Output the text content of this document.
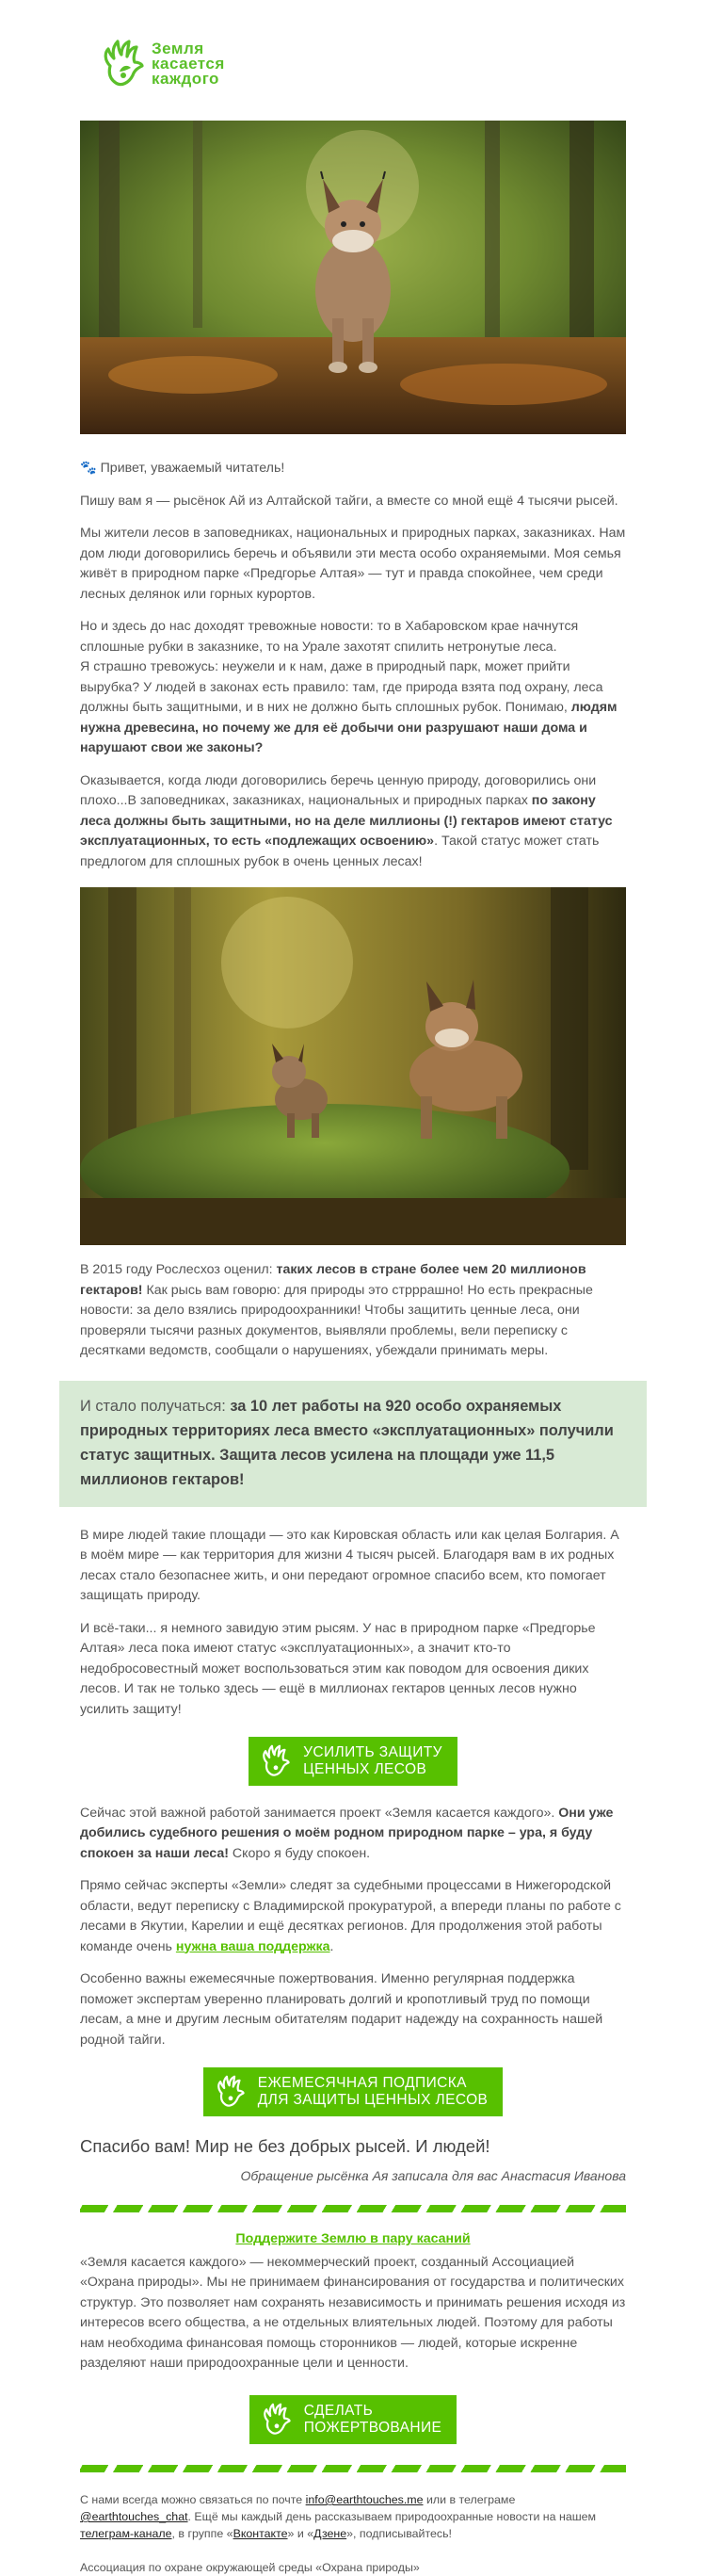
Земля
касается
каждого

🐾 Привет, уважаемый читатель!

Пишу вам я — рысёнок Ай из Алтайской тайги, а вместе со мной ещё 4 тысячи рысей.

Мы жители лесов в заповедниках, национальных и природных парках, заказниках. Нам дом люди договорились беречь и объявили эти места особо охраняемыми. Моя семья живёт в природном парке «Предгорье Алтая» — тут и правда спокойнее, чем среди лесных делянок или горных курортов.

Но и здесь до нас доходят тревожные новости: то в Хабаровском крае начнутся сплошные рубки в заказнике, то на Урале захотят спилить нетронутые леса.
Я страшно тревожусь: неужели и к нам, даже в природный парк, может прийти вырубка? У людей в законах есть правило: там, где природа взята под охрану, леса должны быть защитными, и в них не должно быть сплошных рубок. Понимаю, людям нужна древесина, но почему же для её добычи они разрушают наши дома и нарушают свои же законы?

Оказывается, когда люди договорились беречь ценную природу, договорились они плохо...В заповедниках, заказниках, национальных и природных парках по закону леса должны быть защитными, но на деле миллионы (!) гектаров имеют статус эксплуатационных, то есть «подлежащих освоению». Такой статус может стать предлогом для сплошных рубок в очень ценных лесах!

В 2015 году Рослесхоз оценил: таких лесов в стране более чем 20 миллионов гектаров! Как рысь вам говорю: для природы это стрррашно! Но есть прекрасные новости: за дело взялись природоохранники! Чтобы защитить ценные леса, они проверяли тысячи разных документов, выявляли проблемы, вели переписку с десятками ведомств, сообщали о нарушениях, убеждали принимать меры.

И стало получаться: за 10 лет работы на 920 особо охраняемых природных территориях леса вместо «эксплуатационных» получили статус защитных. Защита лесов усилена на площади уже 11,5 миллионов гектаров!

В мире людей такие площади — это как Кировская область или как целая Болгария. А в моём мире — как территория для жизни 4 тысяч рысей. Благодаря вам в их родных лесах стало безопаснее жить, и они передают огромное спасибо всем, кто помогает защищать природу.

И всё-таки... я немного завидую этим рысям. У нас в природном парке «Предгорье Алтая» леса пока имеют статус «эксплуатационных», а значит кто-то недобросовестный может воспользоваться этим как поводом для освоения диких лесов. И так не только здесь — ещё в миллионах гектаров ценных лесов нужно усилить защиту!

УСИЛИТЬ ЗАЩИТУ
ЦЕННЫХ ЛЕСОВ

Сейчас этой важной работой занимается проект «Земля касается каждого». Они уже добились судебного решения о моём родном природном парке – ура, я буду спокоен за наши леса! Скоро я буду спокоен.

Прямо сейчас эксперты «Земли» следят за судебными процессами в Нижегородской области, ведут переписку с Владимирской прокуратурой, а впереди планы по работе с лесами в Якутии, Карелии и ещё десятках регионов. Для продолжения этой работы команде очень нужна ваша поддержка.

Особенно важны ежемесячные пожертвования. Именно регулярная поддержка поможет экспертам уверенно планировать долгий и кропотливый труд по помощи лесам, а мне и другим лесным обитателям подарит надежду на сохранность нашей родной тайги.

ЕЖЕМЕСЯЧНАЯ ПОДПИСКА
ДЛЯ ЗАЩИТЫ ЦЕННЫХ ЛЕСОВ
Спасибо вам! Мир не без добрых рысей. И людей!
Обращение рысёнка Ая записала для вас Анастасия Иванова
Поддержите Землю в пару касаний

«Земля касается каждого» — некоммерческий проект, созданный Ассоциацией «Охрана природы». Мы не принимаем финансирования от государства и политических структур. Это позволяет нам сохранять независимость и принимать решения исходя из интересов всего общества, а не отдельных влиятельных людей. Поэтому для работы нам необходима финансовая помощь сторонников — людей, которые искренне разделяют наши природоохранные цели и ценности.

СДЕЛАТЬ
ПОЖЕРТВОВАНИЕ
С нами всегда можно связаться по почте info@earthtouches.me или в телеграме @earthtouches_chat. Ещё мы каждый день рассказываем природоохранные новости на нашем телеграм-канале, в группе «Вконтакте» и «Дзене», подписывайтесь!
Ассоциация по охране окружающей среды «Охрана природы»
